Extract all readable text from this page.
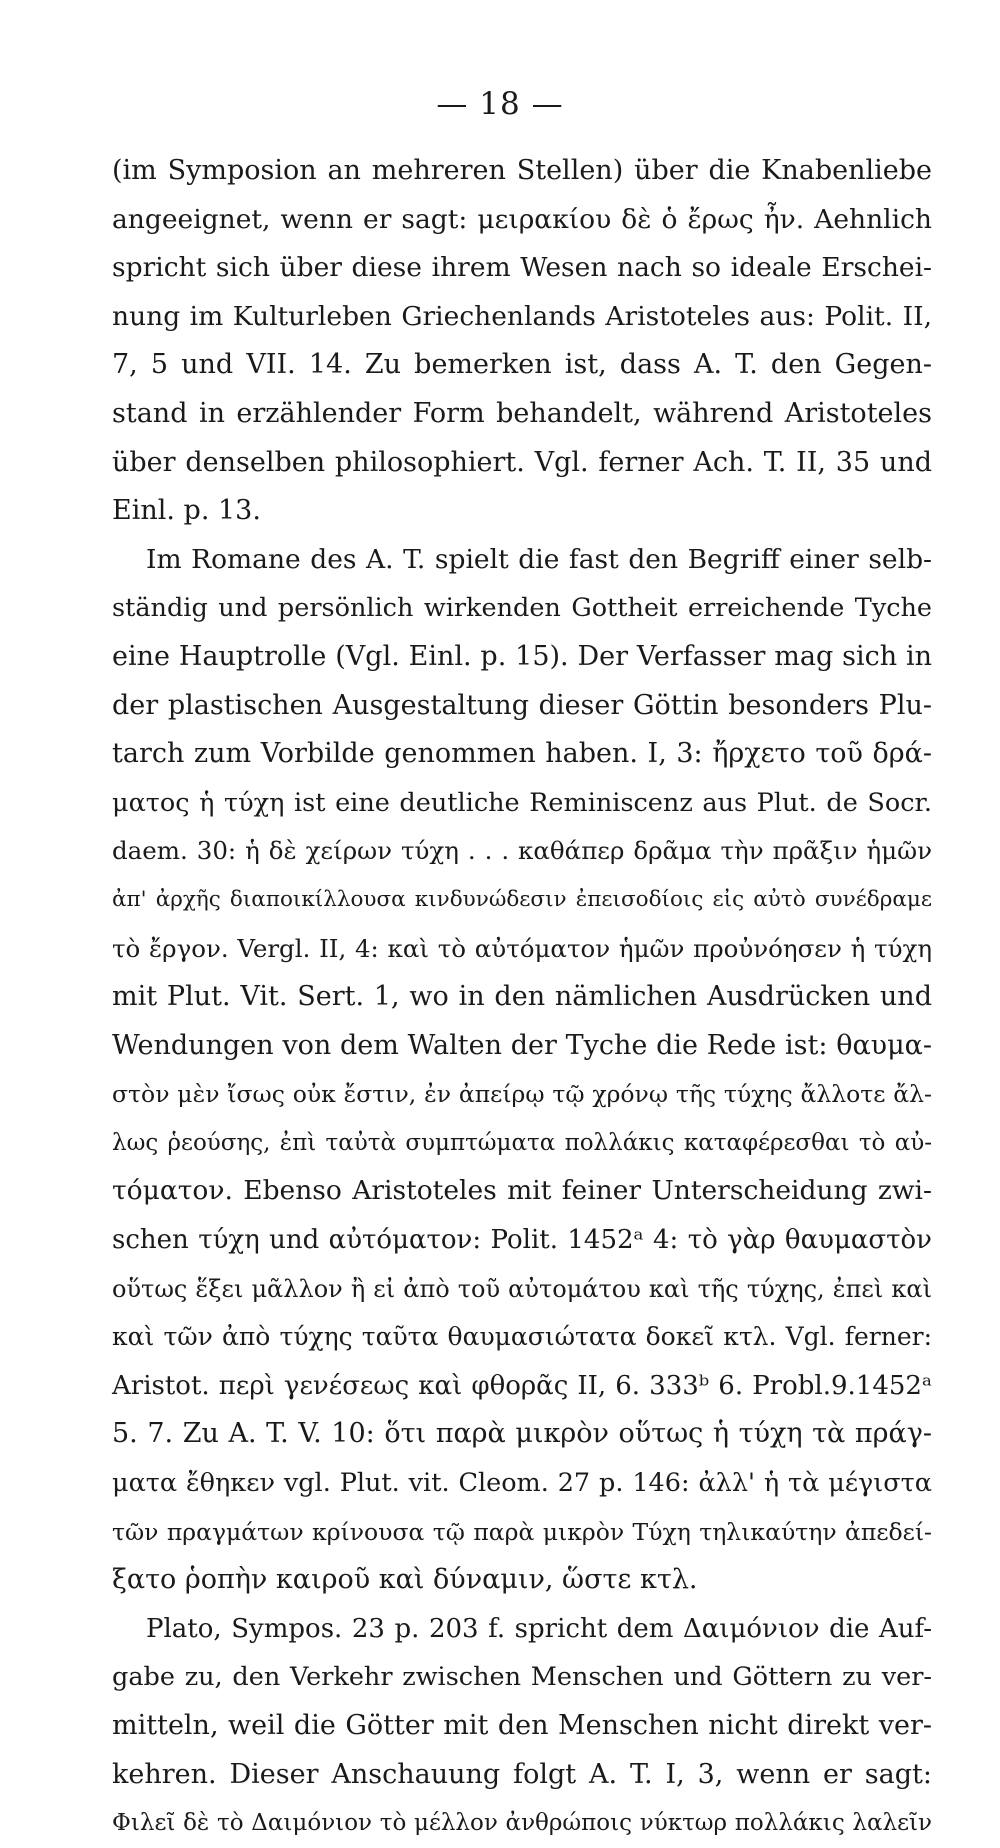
— 18 —
(im Symposion an mehreren Stellen) über die Knabenliebe
angeeignet, wenn er sagt: μειρακίου δὲ ὁ ἔρως ἦν. Aehnlich
spricht sich über diese ihrem Wesen nach so ideale Erschei-
nung im Kulturleben Griechenlands Aristoteles aus: Polit. II,
7, 5 und VII. 14. Zu bemerken ist, dass A. T. den Gegen-
stand in erzählender Form behandelt, während Aristoteles
über denselben philosophiert. Vgl. ferner Ach. T. II, 35 und
Einl. p. 13.
Im Romane des A. T. spielt die fast den Begriff einer selb-
ständig und persönlich wirkenden Gottheit erreichende Tyche
eine Hauptrolle (Vgl. Einl. p. 15). Der Verfasser mag sich in
der plastischen Ausgestaltung dieser Göttin besonders Plu-
tarch zum Vorbilde genommen haben. I, 3: ἤρχετο τοῦ δρά-
ματος ἡ τύχη ist eine deutliche Reminiscenz aus Plut. de Socr.
daem. 30: ἡ δὲ χείρων τύχη . . . καθάπερ δρᾶμα τὴν πρᾶξιν ἡμῶν
ἀπ' ἀρχῆς διαποικίλλουσα κινδυνώδεσιν ἐπεισοδίοις εἰς αὐτὸ συνέδραμε
τὸ ἔργον. Vergl. II, 4: καὶ τὸ αὐτόματον ἡμῶν προὐνόησεν ἡ τύχη
mit Plut. Vit. Sert. 1, wo in den nämlichen Ausdrücken und
Wendungen von dem Walten der Tyche die Rede ist: θαυμα-
στὸν μὲν ἴσως οὐκ ἔστιν, ἐν ἀπείρῳ τῷ χρόνῳ τῆς τύχης ἄλλοτε ἄλ-
λως ῥεούσης, ἐπὶ ταὐτὰ συμπτώματα πολλάκις καταφέρεσθαι τὸ αὐ-
τόματον. Ebenso Aristoteles mit feiner Unterscheidung zwi-
schen τύχη und αὐτόματον: Polit. 1452ᵃ 4: τὸ γὰρ θαυμαστὸν
οὕτως ἕξει μᾶλλον ἢ εἰ ἀπὸ τοῦ αὐτομάτου καὶ τῆς τύχης, ἐπεὶ καὶ
καὶ τῶν ἀπὸ τύχης ταῦτα θαυμασιώτατα δοκεῖ κτλ. Vgl. ferner:
Aristot. περὶ γενέσεως καὶ φθορᾶς II, 6. 333ᵇ 6. Probl.9.1452ᵃ
5. 7. Zu A. T. V. 10: ὅτι παρὰ μικρὸν οὕτως ἡ τύχη τὰ πράγ-
ματα ἔθηκεν vgl. Plut. vit. Cleom. 27 p. 146: ἀλλ' ἡ τὰ μέγιστα
τῶν πραγμάτων κρίνουσα τῷ παρὰ μικρὸν Τύχη τηλικαύτην ἀπεδεί-
ξατο ῥοπὴν καιροῦ καὶ δύναμιν, ὥστε κτλ.
Plato, Sympos. 23 p. 203 f. spricht dem Δαιμόνιον die Auf-
gabe zu, den Verkehr zwischen Menschen und Göttern zu ver-
mitteln, weil die Götter mit den Menschen nicht direkt ver-
kehren. Dieser Anschauung folgt A. T. I, 3, wenn er sagt:
Φιλεῖ δὲ τὸ Δαιμόνιον τὸ μέλλον ἀνθρώποις νύκτωρ πολλάκις λαλεῖν
